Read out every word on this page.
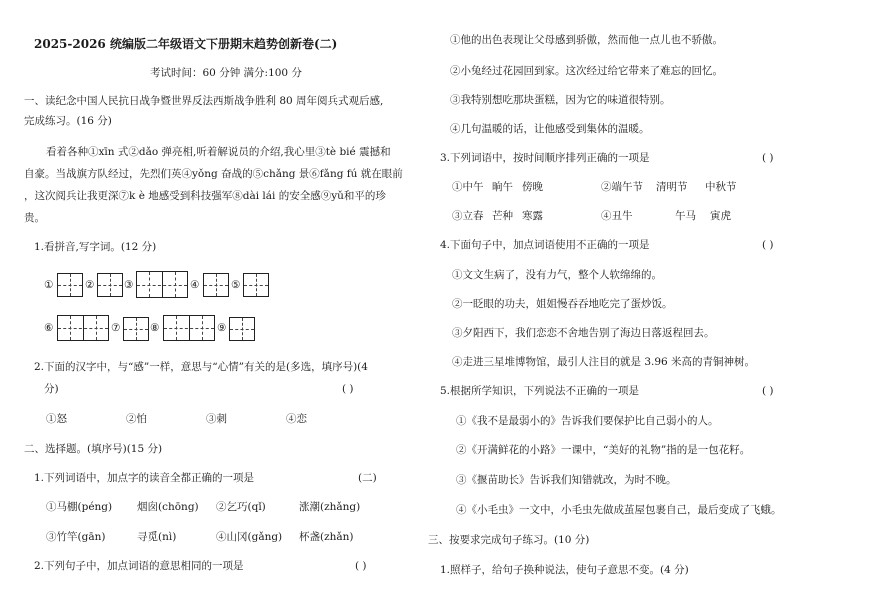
2025-2026 统编版二年级语文下册期末趋势创新卷(二)
考试时间：60 分钟 满分:100 分
一、读纪念中国人民抗日战争暨世界反法西斯战争胜利 80 周年阅兵式观后感,
完成练习。(16 分)
看着各种①xīn 式②dǎo 弹亮相,听着解说员的介绍,我心里③tè bié 震撼和
自豪。当战旗方队经过，先烈们英④yǒng 奋战的⑤chǎng 景⑥fǎng fú 就在眼前
，这次阅兵让我更深⑦k è 地感受到科技强军⑧dài lái 的安全感⑨yǔ和平的珍
贵。
1.看拼音,写字词。(12 分)
①	②	③	④	⑤
⑥	⑦	⑧	⑨
2.下面的汉字中，与“感”一样，意思与“心情”有关的是(多选，填序号)(4
分)	( )
①怒	②怕	③刺	④恋
二、选择题。(填序号)(15 分)
1.下列词语中，加点字的读音全都正确的一项是	(二)
①马棚(péng) 烟囱(chōng) ②乞巧(qǐ)	涨潮(zhǎng)
③竹竿(gān)	寻觅(nì)	④山冈(gǎng) 杯盏(zhǎn)
2.下列句子中，加点词语的意思相同的一项是	( )
①他的出色表现让父母感到骄傲，然而他一点儿也不骄傲。
②小兔经过花园回到家。这次经过给它带来了难忘的回忆。
③我特别想吃那块蛋糕，因为它的味道很特别。
④几句温暖的话，让他感受到集体的温暖。
3.下列词语中，按时间顺序排列正确的一项是	( )
①中午 晌午 傍晚	②端午节 清明节 中秋节
③立春 芒种 寒露	④丑牛	午马 寅虎
4.下面句子中，加点词语使用不正确的一项是	( )
①文文生病了，没有力气，整个人软绵绵的。
②一眨眼的功夫，姐姐慢吞吞地吃完了蛋炒饭。
③夕阳西下，我们恋恋不舍地告别了海边日落返程回去。
④走进三星堆博物馆，最引人注目的就是 3.96 米高的青铜神树。
5.根据所学知识，下列说法不正确的一项是	( )
①《我不是最弱小的》告诉我们要保护比自己弱小的人。
②《开满鲜花的小路》一课中，“美好的礼物”指的是一包花籽。
③《揠苗助长》告诉我们知错就改，为时不晚。
④《小毛虫》一文中，小毛虫先做成茧屋包裹自己，最后变成了飞蛾。
三、按要求完成句子练习。(10 分)
1.照样子，给句子换种说法，使句子意思不变。(4 分)
